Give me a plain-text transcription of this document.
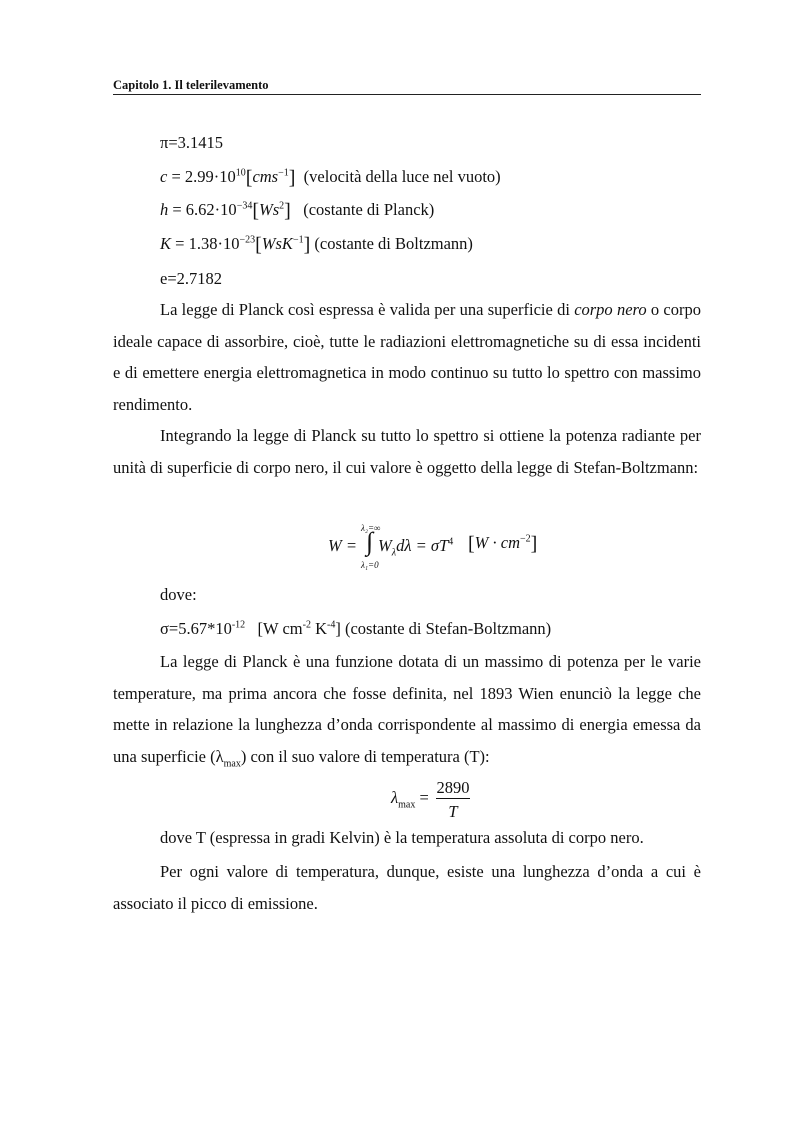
Capitolo 1. Il telerilevamento
π=3.1415
$c = 2.99\cdot 10^{10}[cms^{-1}]$ (velocità della luce nel vuoto)
$h = 6.62\cdot 10^{-34}[Ws^2]$ (costante di Planck)
$K = 1.38\cdot 10^{-23}[WsK^{-1}]$ (costante di Boltzmann)
e=2.7182
La legge di Planck così espressa è valida per una superficie di corpo nero o corpo ideale capace di assorbire, cioè, tutte le radiazioni elettromagnetiche su di essa incidenti e di emettere energia elettromagnetica in modo continuo su tutto lo spettro con massimo rendimento.
Integrando la legge di Planck su tutto lo spettro si ottiene la potenza radiante per unità di superficie di corpo nero, il cui valore è oggetto della legge di Stefan-Boltzmann:
W =
λ₂=∞
∫
λ₁=0
$W_\lambda d\lambda = \sigma T^4$ $[W \cdot cm^{-2}]$
dove:
$\sigma=5.67*10^{-12}$ [W $cm^{-2}$ $K^{-4}$] (costante di Stefan-Boltzmann)
La legge di Planck è una funzione dotata di un massimo di potenza per le varie temperature, ma prima ancora che fosse definita, nel 1893 Wien enunciò la legge che mette in relazione la lunghezza d’onda corrispondente al massimo di energia emessa da una superficie $(\lambda_{max})$ con il suo valore di temperatura (T):
$\lambda_{max}$ =
2890
T
dove T (espressa in gradi Kelvin) è la temperatura assoluta di corpo nero.
Per ogni valore di temperatura, dunque, esiste una lunghezza d’onda a cui è associato il picco di emissione.
